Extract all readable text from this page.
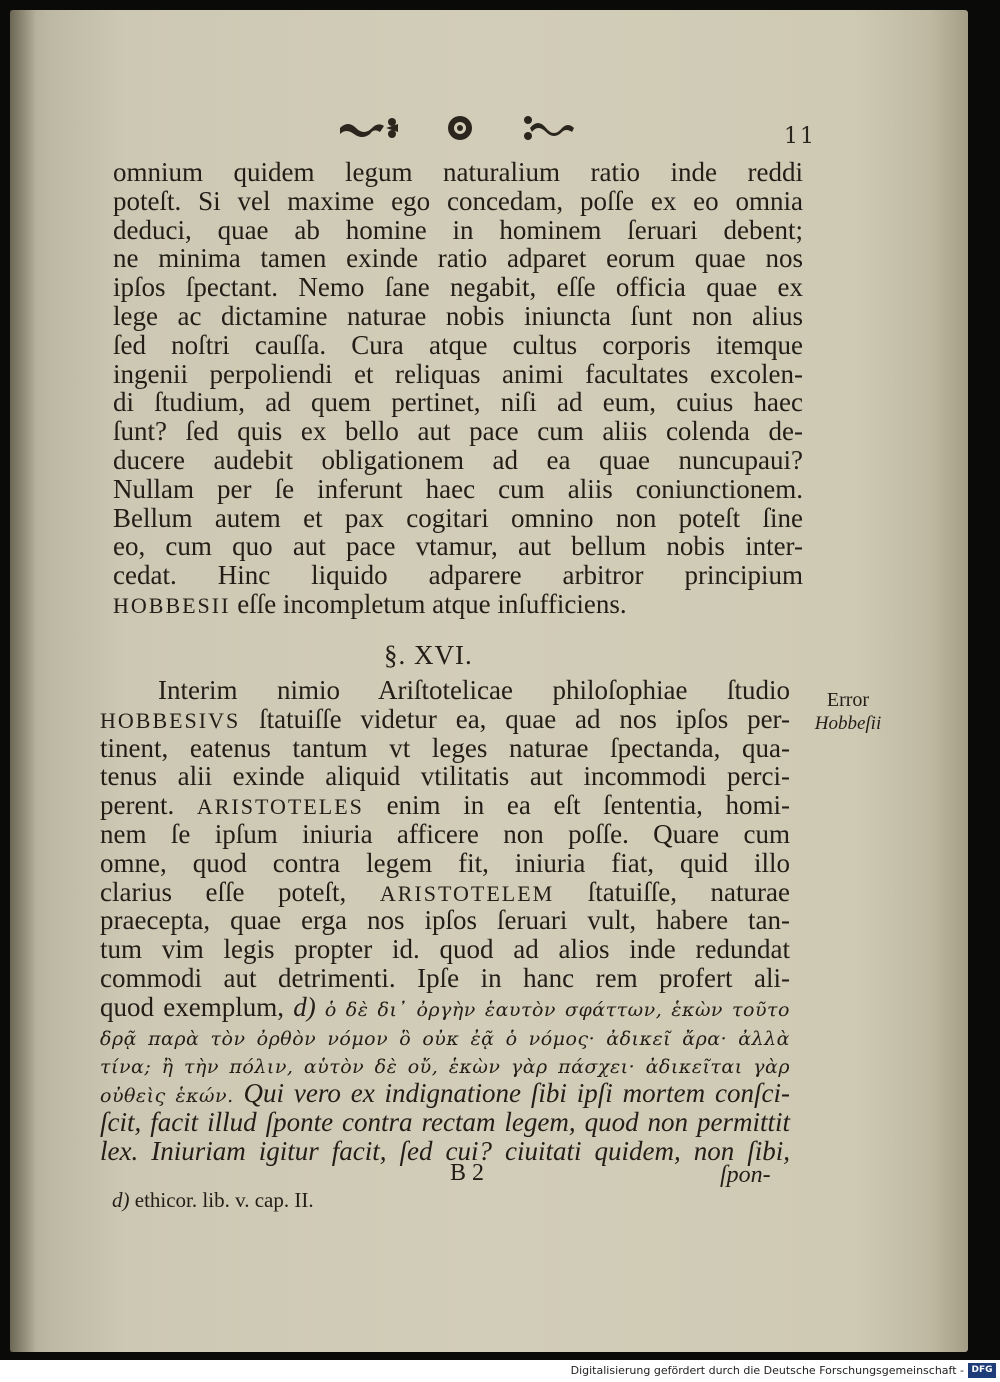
11
omnium quidem legum naturalium ratio inde reddi
poteſt. Si vel maxime ego concedam, poſſe ex eo omnia
deduci, quae ab homine in hominem ſeruari debent;
ne minima tamen exinde ratio adparet eorum quae nos
ipſos ſpectant. Nemo ſane negabit, eſſe officia quae ex
lege ac dictamine naturae nobis iniuncta ſunt non alius
ſed noſtri cauſſa. Cura atque cultus corporis itemque
ingenii perpoliendi et reliquas animi facultates excolen-
di ſtudium, ad quem pertinet, niſi ad eum, cuius haec
ſunt? ſed quis ex bello aut pace cum aliis colenda de-
ducere audebit obligationem ad ea quae nuncupaui?
Nullam per ſe inferunt haec cum aliis coniunctionem.
Bellum autem et pax cogitari omnino non poteſt ſine
eo, cum quo aut pace vtamur, aut bellum nobis inter-
cedat. Hinc liquido adparere arbitror principium
HOBBESII eſſe incompletum atque inſufficiens.
§. XVI.
Interim nimio Ariſtotelicae philoſophiae ſtudio
HOBBESIVS ſtatuiſſe videtur ea, quae ad nos ipſos per-
tinent, eatenus tantum vt leges naturae ſpectanda, qua-
tenus alii exinde aliquid vtilitatis aut incommodi perci-
perent. ARISTOTELES enim in ea eſt ſententia, homi-
nem ſe ipſum iniuria afficere non poſſe. Quare cum
omne, quod contra legem fit, iniuria fiat, quid illo
clarius eſſe poteſt, ARISTOTELEM ſtatuiſſe, naturae
praecepta, quae erga nos ipſos ſeruari vult, habere tan-
tum vim legis propter id. quod ad alios inde redundat
commodi aut detrimenti. Ipſe in hanc rem profert ali-
quod exemplum, d) ὁ δὲ δι᾽ ὀργὴν ἑαυτὸν σφάττων, ἑκὼν τοῦτο
δρᾷ παρὰ τὸν ὀρθὸν νόμον ὃ οὐκ ἐᾷ ὁ νόμος· ἀδικεῖ ἄρα· ἀλλὰ
τίνα; ἢ τὴν πόλιν, αὑτὸν δὲ οὔ, ἑκὼν γὰρ πάσχει· ἀδικεῖται γὰρ
οὐθεὶς ἑκών. Qui vero ex indignatione ſibi ipſi mortem conſci-
ſcit, facit illud ſponte contra rectam legem, quod non permittit
lex. Iniuriam igitur facit, ſed cui? ciuitati quidem, non ſibi,
Error
Hobbeſii
B 2	ſpon-
d) ethicor. lib. v. cap. II.
Digitalisierung gefördert durch die Deutsche Forschungsgemeinschaft - DFG
